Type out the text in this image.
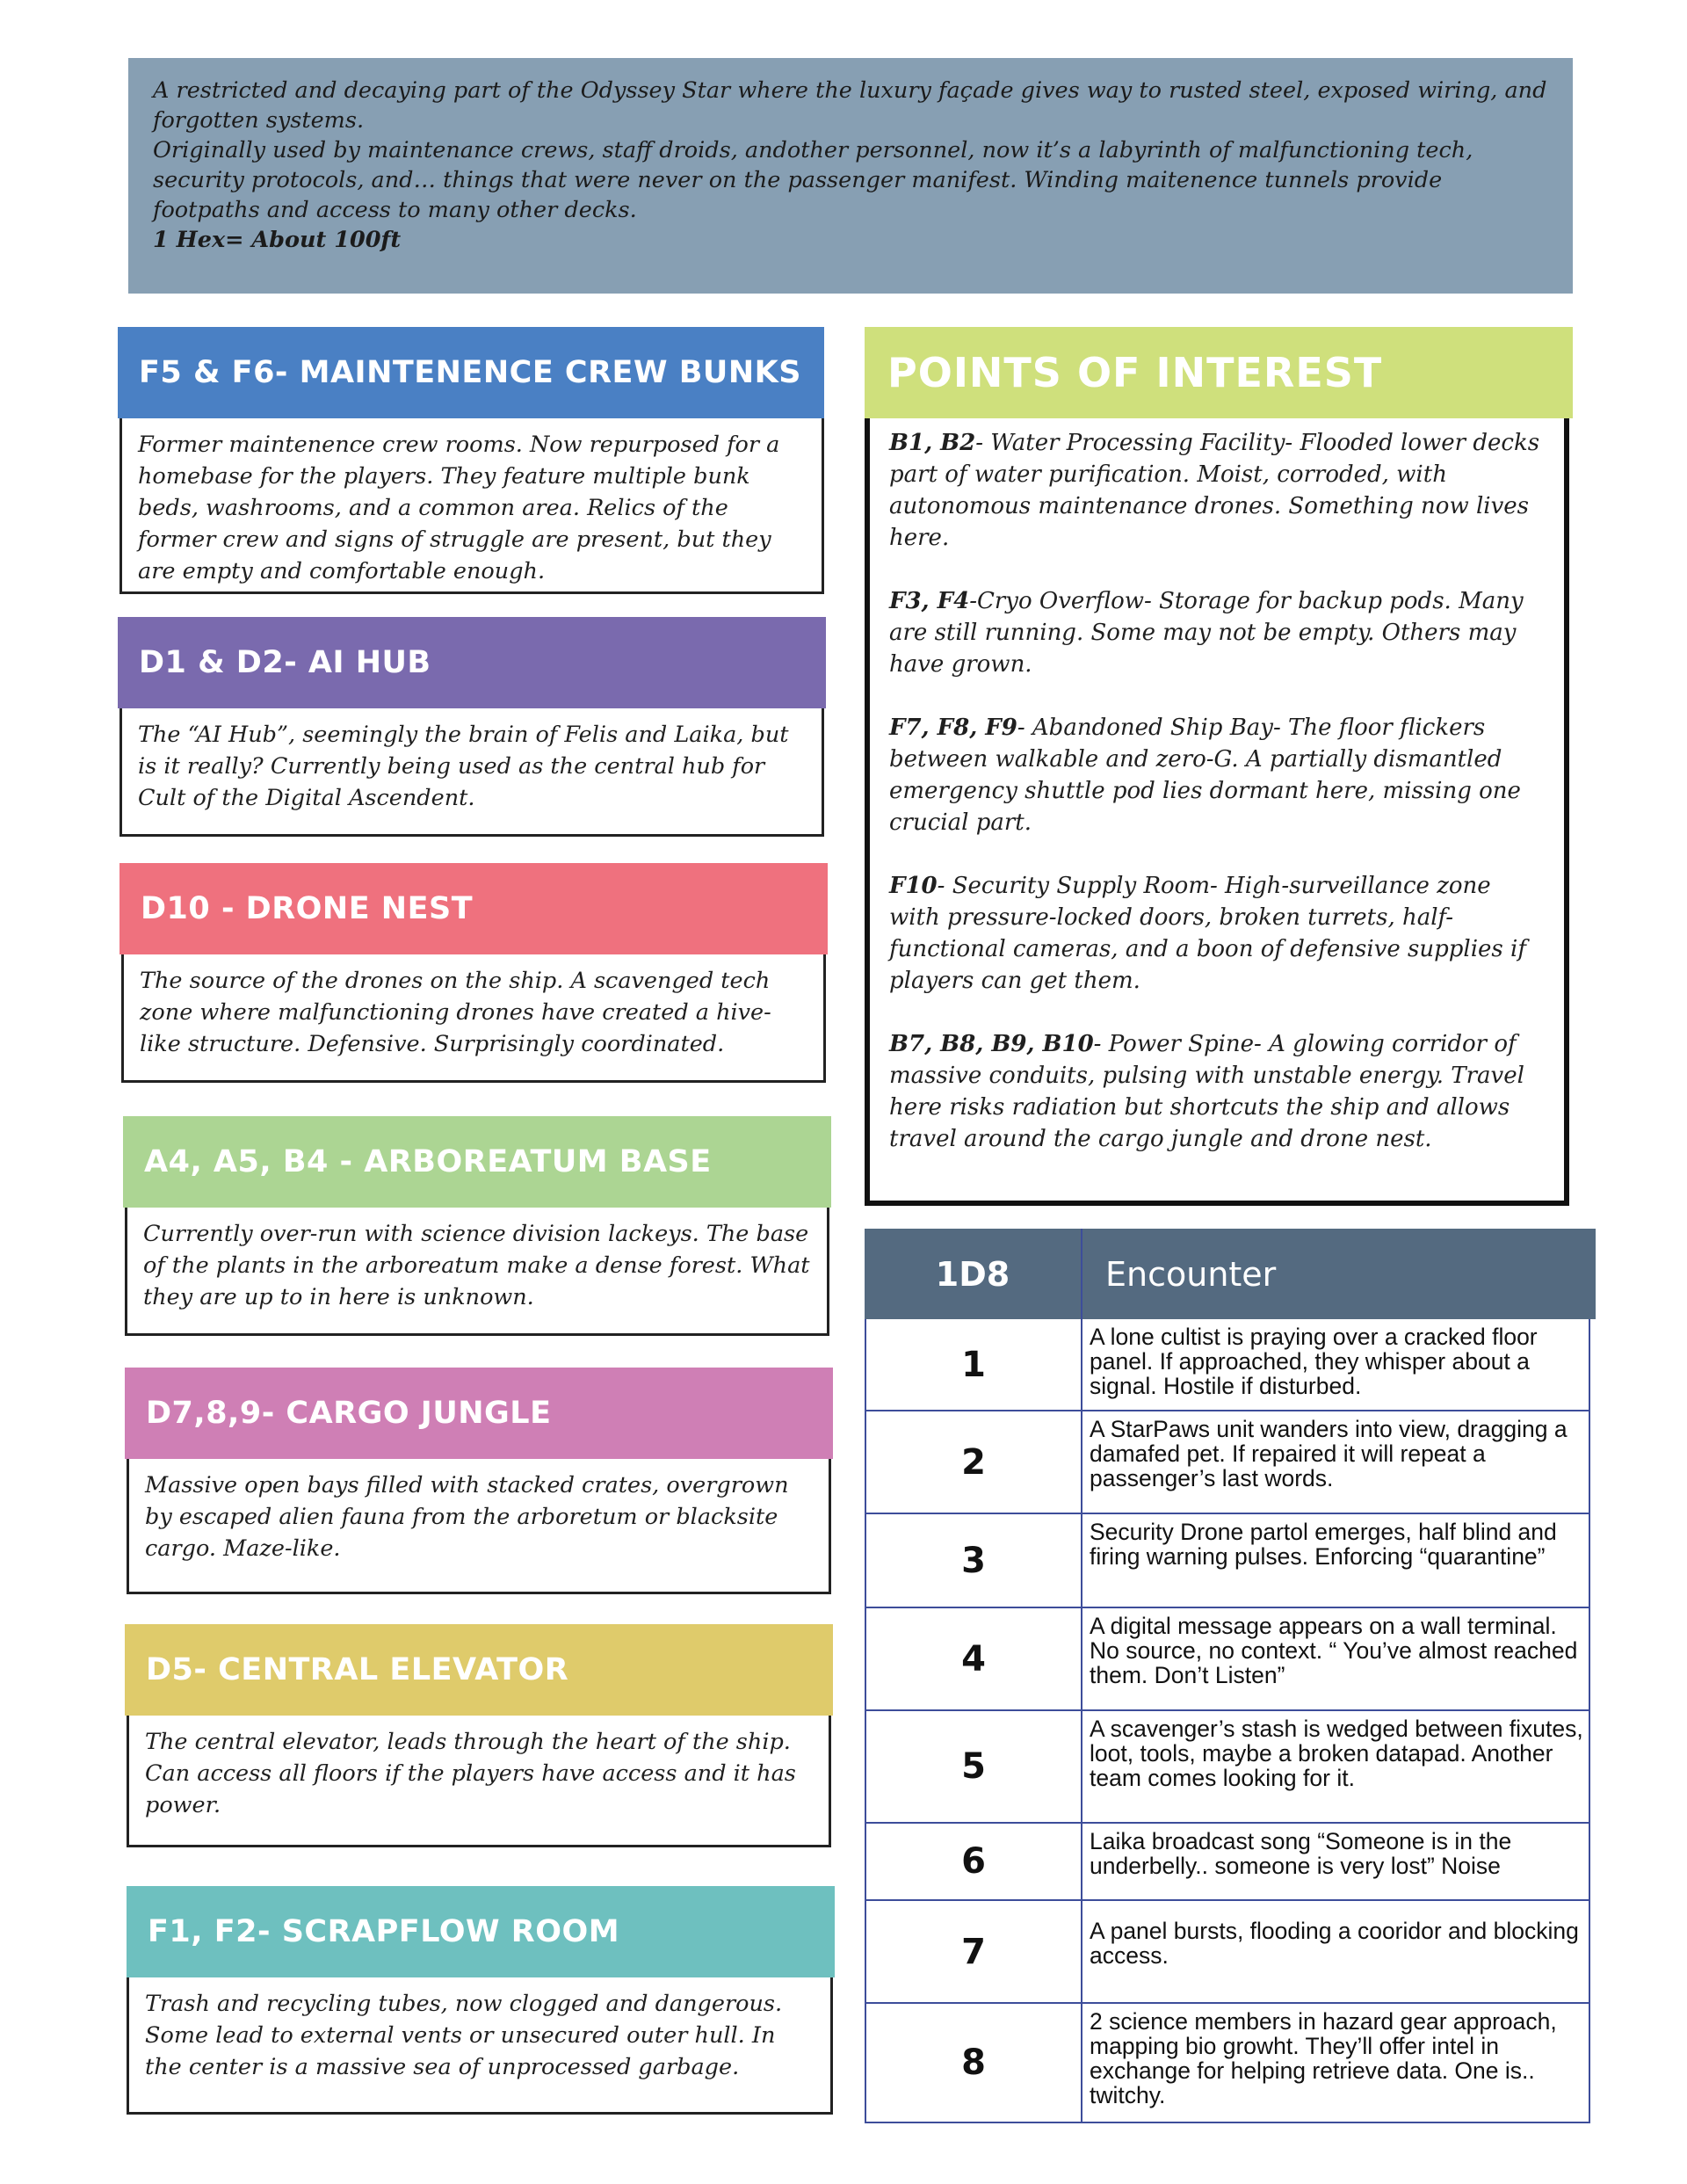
A restricted and decaying part of the Odyssey Star where the luxury façade gives way to rusted steel, exposed wiring, and forgotten systems.

Originally used by maintenance crews, staff droids, andother personnel, now it’s a labyrinth of malfunctioning tech, security protocols, and… things that were never on the passenger manifest. Winding maitenence tunnels provide footpaths and access to many other decks.

1 Hex= About 100ft

F5 & F6- MAINTENENCE CREW BUNKS
Former maintenence crew rooms. Now repurposed for a homebase for the players. They feature multiple bunk beds, washrooms, and a common area. Relics of the former crew and signs of struggle are present, but they are empty and comfortable enough.
D1 & D2- AI HUB
The “AI Hub”, seemingly the brain of Felis and Laika, but is it really? Currently being used as the central hub for Cult of the Digital Ascendent.
D10 - DRONE NEST
The source of the drones on the ship. A scavenged tech zone where malfunctioning drones have created a hive-like structure. Defensive. Surprisingly coordinated.
A4, A5, B4 - ARBOREATUM BASE
Currently over-run with science division lackeys. The base of the plants in the arboreatum make a dense forest. What they are up to in here is unknown.
D7,8,9- CARGO JUNGLE
Massive open bays filled with stacked crates, overgrown by escaped alien fauna from the arboretum or blacksite cargo. Maze-like.
D5- CENTRAL ELEVATOR
The central elevator, leads through the heart of the ship. Can access all floors if the players have access and it has power.
F1, F2- SCRAPFLOW ROOM
Trash and recycling tubes, now clogged and dangerous. Some lead to external vents or unsecured outer hull. In the center is a massive sea of unprocessed garbage.
POINTS OF INTEREST

B1, B2- Water Processing Facility- Flooded lower decks part of water purification. Moist, corroded, with autonomous maintenance drones. Something now lives here.

F3, F4-Cryo Overflow- Storage for backup pods. Many are still running. Some may not be empty. Others may have grown.

F7, F8, F9- Abandoned Ship Bay- The floor flickers between walkable and zero-G. A partially dismantled emergency shuttle pod lies dormant here, missing one crucial part.

F10- Security Supply Room- High-surveillance zone with pressure-locked doors, broken turrets, half-functional cameras, and a boon of defensive supplies if players can get them.

B7, B8, B9, B10- Power Spine- A glowing corridor of massive conduits, pulsing with unstable energy. Travel here risks radiation but shortcuts the ship and allows travel around the cargo jungle and drone nest.

1D8	Encounter
1
A lone cultist is praying over a cracked floor panel. If approached, they whisper about a signal. Hostile if disturbed.
2
A StarPaws unit wanders into view, dragging a damafed pet. If repaired it will repeat a passenger’s last words.
3
Security Drone partol emerges, half blind and firing warning pulses. Enforcing “quarantine”
4
A digital message appears on a wall terminal. No source, no context. “ You’ve almost reached them. Don’t Listen”
5
A scavenger’s stash is wedged between fixutes, loot, tools, maybe a broken datapad. Another team comes looking for it.
6	Laika broadcast song “Someone is in the underbelly.. someone is very lost” Noise
7
A panel bursts, flooding a cooridor and blocking access.
8
2 science members in hazard gear approach, mapping bio growht. They’ll offer intel in exchange for helping retrieve data. One is.. twitchy.
